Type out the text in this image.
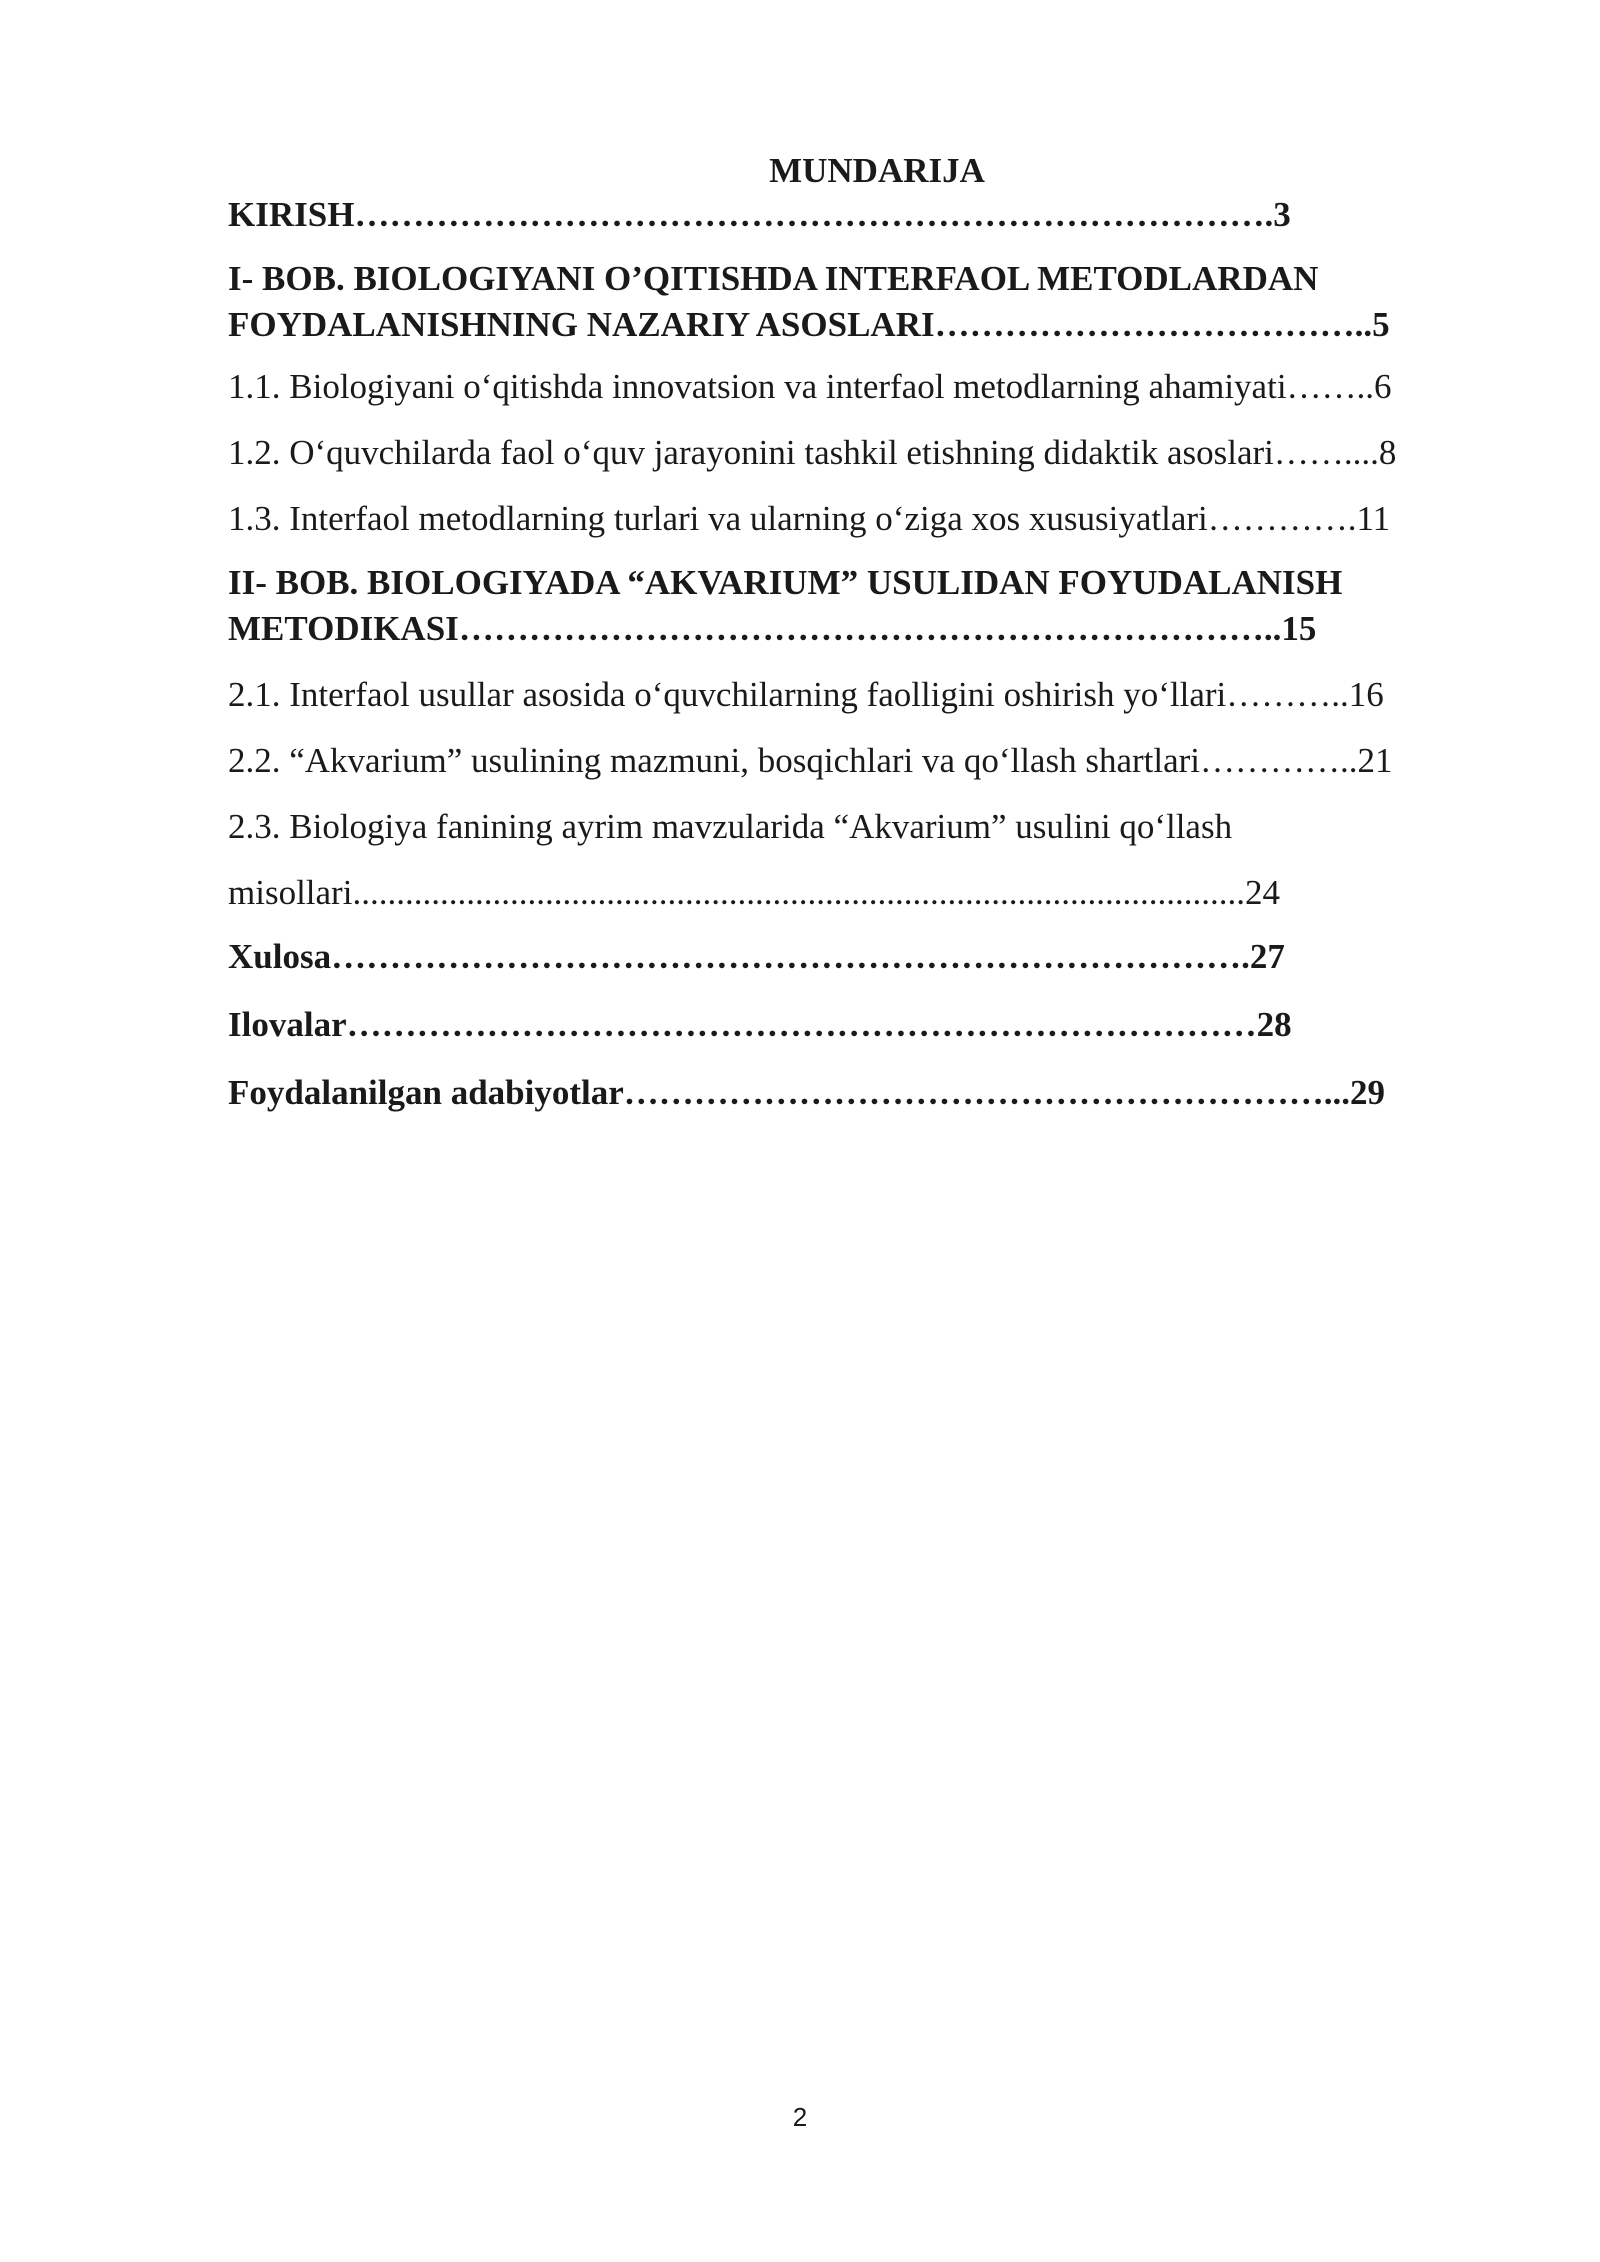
MUNDARIJA

KIRISH…………………………………………………………………….3

I- BOB. BIOLOGIYANI O’QITISHDA INTERFAOL METODLARDAN FOYDALANISHNING NAZARIY ASOSLARI………………………………..5

1.1. Biologiyani o‘qitishda innovatsion va interfaol metodlarning ahamiyati……..6

1.2. O‘quvchilarda faol o‘quv jarayonini tashkil etishning didaktik asoslari……....8

1.3. Interfaol metodlarning turlari va ularning o‘ziga xos xususiyatlari………….11

II- BOB. BIOLOGIYADA “AKVARIUM” USULIDAN FOYUDALANISH METODIKASI……………………………………………………………..15

2.1. Interfaol usullar asosida o‘quvchilarning faolligini oshirish yo‘llari………..16

2.2. “Akvarium” usulining mazmuni, bosqichlari va qo‘llash shartlari…………..21

2.3. Biologiya fanining ayrim mavzularida “Akvarium” usulini qo‘llash

misollari......................................................................................................24

Xulosa…………………………………………………………………….27

Ilovalar……………………………………………………………………28

Foydalanilgan adabiyotlar……………………………………………………...29

2
